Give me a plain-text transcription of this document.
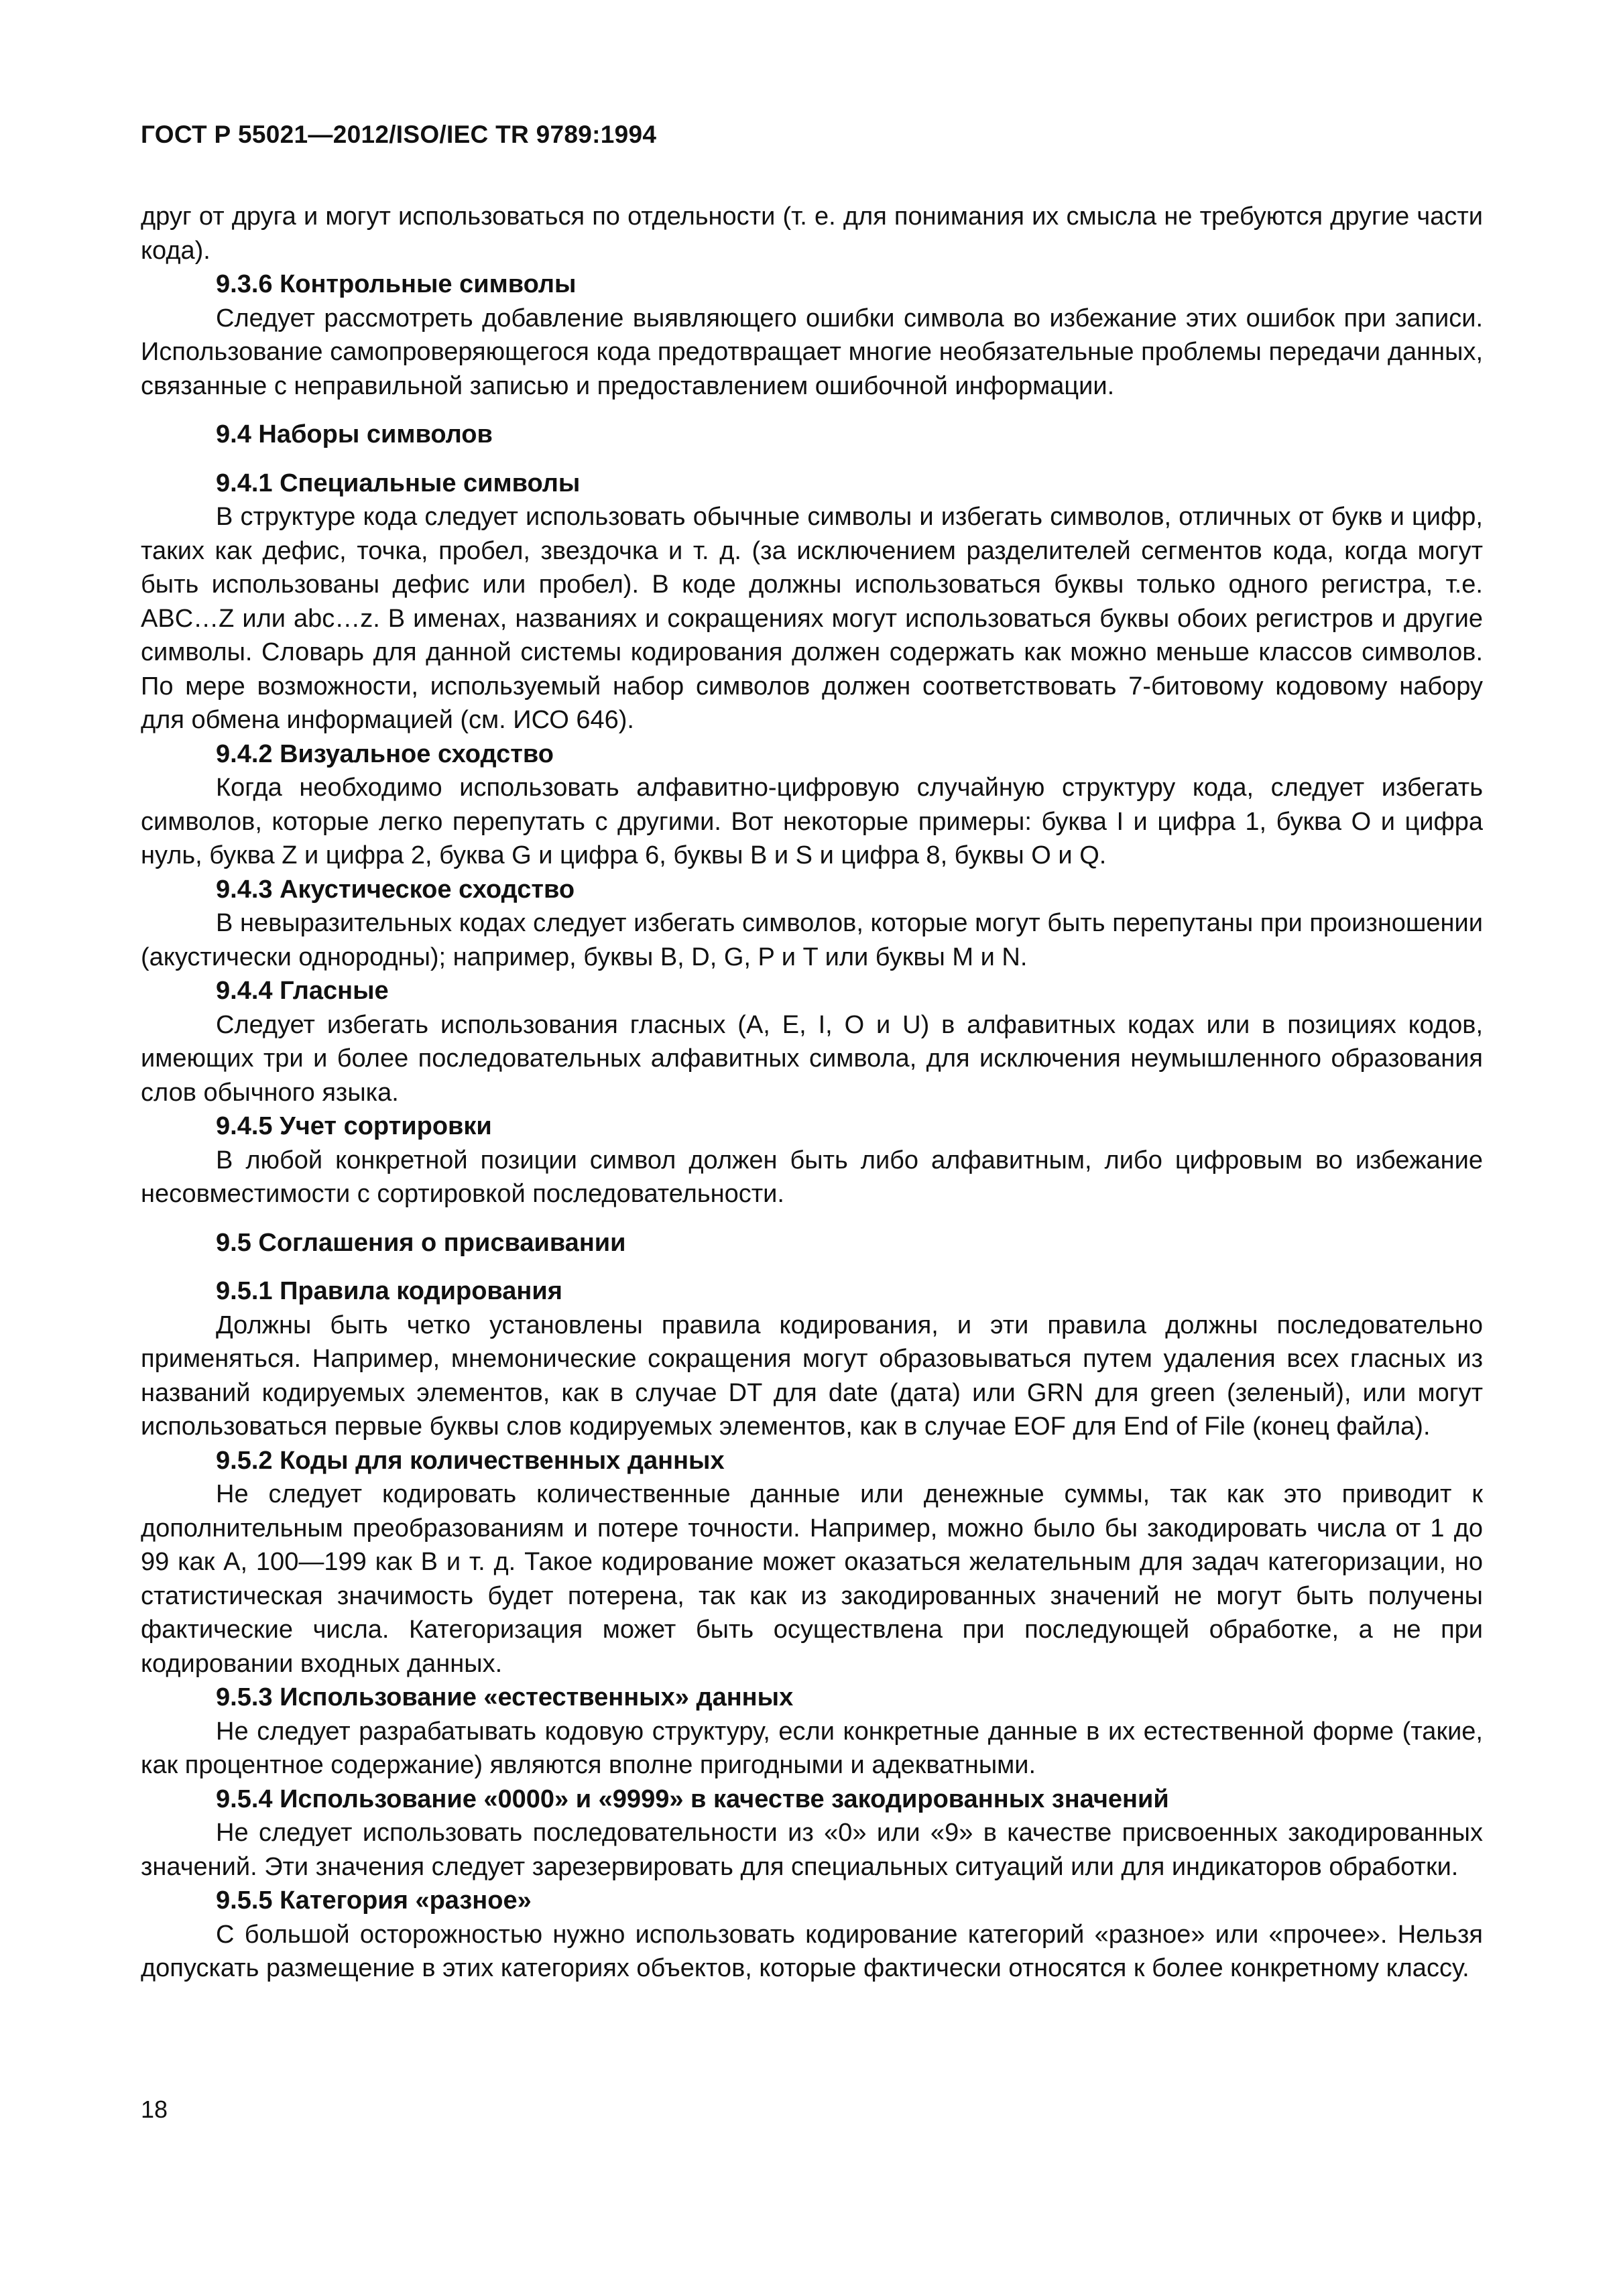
ГОСТ Р 55021—2012/ISO/IEC TR 9789:1994

друг от друга и могут использоваться по отдельности (т. е. для понимания их смысла не требуются другие части кода).

9.3.6 Контрольные символы

Следует рассмотреть добавление выявляющего ошибки символа во избежание этих ошибок при записи. Использование самопроверяющегося кода предотвращает многие необязательные проблемы передачи данных, связанные с неправильной записью и предоставлением ошибочной информации.

9.4 Наборы символов

9.4.1 Специальные символы

В структуре кода следует использовать обычные символы и избегать символов, отличных от букв и цифр, таких как дефис, точка, пробел, звездочка и т. д. (за исключением разделителей сегментов кода, когда могут быть использованы дефис или пробел). В коде должны использоваться буквы только одного регистра, т.е. ABC…Z или abc…z. В именах, названиях и сокращениях могут использоваться буквы обоих регистров и другие символы. Словарь для данной системы кодирования должен содержать как можно меньше классов символов. По мере возможности, используемый набор символов должен соответствовать 7-битовому кодовому набору для обмена информацией (см. ИСО 646).

9.4.2 Визуальное сходство

Когда необходимо использовать алфавитно-цифровую случайную структуру кода, следует избегать символов, которые легко перепутать с другими. Вот некоторые примеры: буква I и цифра 1, буква O и цифра нуль, буква Z и цифра 2, буква G и цифра 6, буквы B и S и цифра 8, буквы O и Q.

9.4.3 Акустическое сходство

В невыразительных кодах следует избегать символов, которые могут быть перепутаны при произношении (акустически однородны); например, буквы B, D, G, P и T или буквы M и N.

9.4.4 Гласные

Следует избегать использования гласных (A, E, I, O и U) в алфавитных кодах или в позициях кодов, имеющих три и более последовательных алфавитных символа, для исключения неумышленного образования слов обычного языка.

9.4.5 Учет сортировки

В любой конкретной позиции символ должен быть либо алфавитным, либо цифровым во избежание несовместимости с сортировкой последовательности.

9.5 Соглашения о присваивании

9.5.1 Правила кодирования

Должны быть четко установлены правила кодирования, и эти правила должны последовательно применяться. Например, мнемонические сокращения могут образовываться путем удаления всех гласных из названий кодируемых элементов, как в случае DT для date (дата) или GRN для green (зеленый), или могут использоваться первые буквы слов кодируемых элементов, как в случае EOF для End of File (конец файла).

9.5.2 Коды для количественных данных

Не следует кодировать количественные данные или денежные суммы, так как это приводит к дополнительным преобразованиям и потере точности. Например, можно было бы закодировать числа от 1 до 99 как A, 100—199 как B и т. д. Такое кодирование может оказаться желательным для задач категоризации, но статистическая значимость будет потерена, так как из закодированных значений не могут быть получены фактические числа. Категоризация может быть осуществлена при последующей обработке, а не при кодировании входных данных.

9.5.3 Использование «естественных» данных

Не следует разрабатывать кодовую структуру, если конкретные данные в их естественной форме (такие, как процентное содержание) являются вполне пригодными и адекватными.

9.5.4 Использование «0000» и «9999» в качестве закодированных значений

Не следует использовать последовательности из «0» или «9» в качестве присвоенных закодированных значений. Эти значения следует зарезервировать для специальных ситуаций или для индикаторов обработки.

9.5.5 Категория «разное»

С большой осторожностью нужно использовать кодирование категорий «разное» или «прочее». Нельзя допускать размещение в этих категориях объектов, которые фактически относятся к более конкретному классу.

18
